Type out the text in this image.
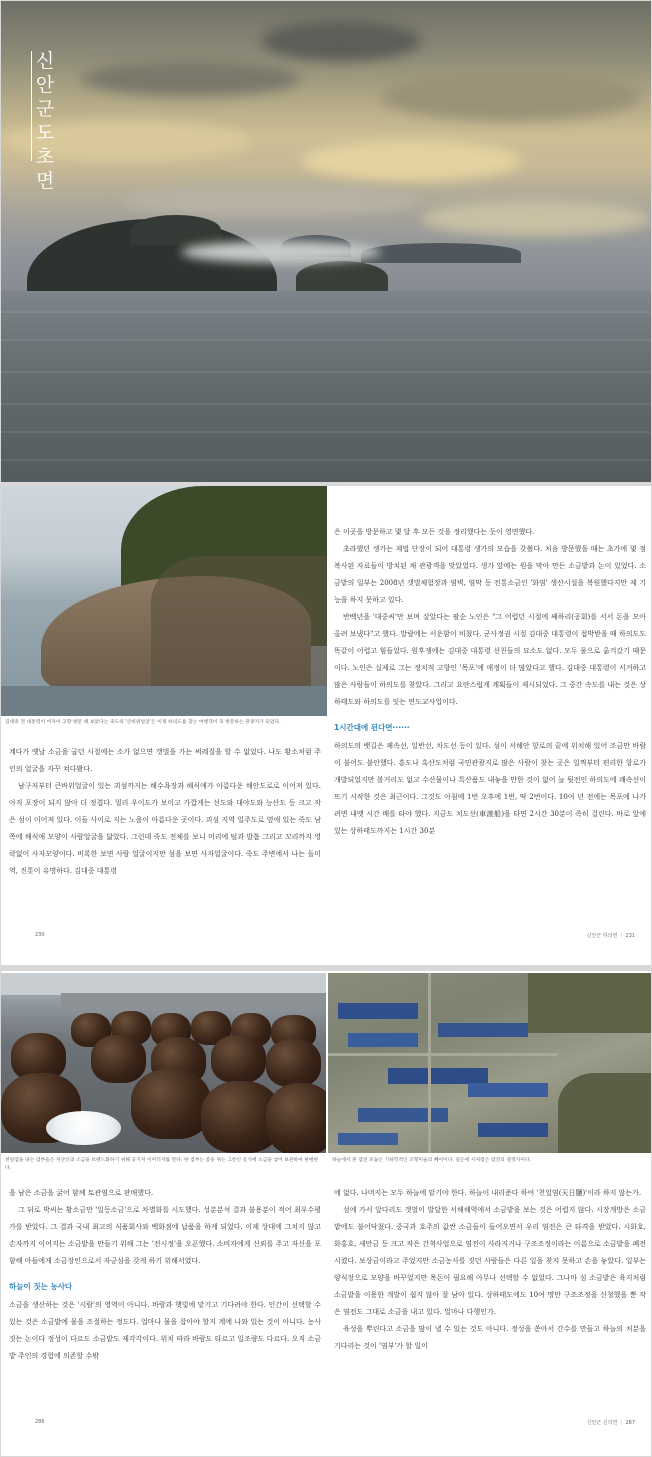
신안군 도초면
김대중 전 대통령이 어자이 고향 방문 때 보았다는 죽도의 '큰바위얼굴'은 이제 하의도를 찾는 여행객이 꼭 방문하는 관광지가 되었다.

계다가 옛날 소금을 굽던 시절에는 소가 없으면 갯벌을 가는 써레질을 할 수 없었다. 나도 황소처럼 주인의 얼굴을 자꾸 쳐다봤다.

남구저부터 큰바위얼굴이 있는 괴섬까지는 해수욕장과 해식애가 아름다운 해안도로로 이어져 있다. 아직 포장이 되지 않아 더 정겹다. 멀리 우이도가 보이고 가깝게는 선도와 대야도와 능산도 등 크고 작은 섬이 이어져 있다. 이들 사이로 지는 노을이 아름다운 곳이다. 괴섬 지역 일주도로 옆에 있는 죽도 남쪽에 해식애 모양이 사람얼굴을 닮았다. 그런데 죽도 전체를 보니 머리에 털과 발톱 그리고 꼬리까지 영락없이 사자모양이다. 비록한 보면 사람 얼굴이지만 섬을 보면 사자얼굴이다. 죽도 주변에서 나는 돌미역, 진톳이 유명하다. 김대중 대통령

은 이곳을 방문하고 몇 달 후 모든 것을 정리했다는 듯이 영면했다.

초라했던 생가는 제법 단장이 되어 대통령 생가의 모습을 갖췄다. 처음 방문했을 때는 초가에 몇 점 복사된 자료들이 방치된 채 관광객을 맞았었다. 생가 앞에는 원을 막아 만든 소금밭과 논이 있었다. 소금밭의 일부는 2008년 갯벌체험장과 염벽, 염막 등 전통소금인 '화염' 생산시설을 복원했다지만 제 기능을 하지 못하고 있다.

반백년을 '대중씨'만 보며 살았다는 팔순 노인은 "그 어렵던 시절에 쌔하리(공회)를 서서 돈을 모아 올려 보냈다"고 했다. 발랄에는 서운함이 비쳤다. 군사정권 시절 김대중 대통령이 접박받을 때 하의도도 똑같이 어렵고 힘들었다. 원후쟁에는 김대중 대통령 선친들의 묘소도 없다. 모두 물으로 옮겨갔기 때문이다. 노인은 실제로 그는 정치적 고향인 '목포'에 애정이 더 많았다고 했다. 김대중 대통령이 서거하고 많은 사람들이 하의도를 찾았다. 그리고 요란스럽게 계획들이 제시되었다. 그 중간 속도를 내는 것은 상하태도와 하의도를 잇는 연도교사업이다.

1시간대에 된다면······

하의도의 뱃길은 쾌속선, 일반선, 차도선 등이 있다. 섬이 서해안 항로의 끝에 위치해 있어 조금만 바람이 불어도 불안했다. 흥도나 흑산도처럼 국민관광지로 많은 사람이 찾는 곳은 일찍부터 편리한 항로가 개발되었지만 볼거리도 없고 수산물이나 특산품도 내놓을 만한 것이 없어 늘 뒷전인 하의도에 쾌속선이 뜨기 시작한 것은 최근이다. 그것도 아침에 1번 오후에 1번, 딱 2번이다. 10여 년 전에는 목포에 나가려면 내맷 시간 배를 타야 했다. 지금도 치도선(車渡船)을 타면 2시간 30분이 족히 걸린다. 바로 앞에 있는 상하태도까지는 1시간 30분

230	신안군 하의면 ｜ 231
천일염을 내는 염부들은 저산인의 소금을 브랜드화하기 위해 공기저 이미더지를 만다. 한 염부는 좀을 위는 그릇인 옹기에 소금을 넣어 보관하여 판매한다.
하늘에서 본 염전 모습은 기하학적인 조형미술의 빼어이다. 길은에 시처럼은 염전의 결정지이다.

을 남은 소금을 굵어 함께 토관염으로 판매했다.

그 뒤로 박씨는 황소금만 '일등소금'으로 차별화를 시도했다. 성분분석 결과 불용분이 적어 최우수평가를 받았다. 그 결과 국내 최고의 식품회사와 백화점에 납품을 하게 되었다. 이제 상대에 그치지 않고 손자까지 이어지는 소금밭을 만들기 위해 그는 '전시정'을 오픈했다. 소비자에게 신뢰를 주고 자신을 포함해 아들에게 소금장인으로서 자긍심을 갖게 하기 위해서였다.

하늘이 짓는 농사다

소금을 생산하는 것은 '시람'의 영역이 아니다. 바람과 햇빛에 맡기고 기다려야 한다. 인간이 선택할 수 있는 것은 소금밭에 물을 조절하는 정도다. 얼마나 물을 잡아야 할지 계에 나와 있는 것이 아니다. 농사짓는 논이다 정성이 다르도 소금밭도 제각각이다. 위치 따라 바람도 타르고 일조량도 다르다. 오직 소금밭 주인의 경험에 의존할 수밖

에 없다. 나머지는 모두 하늘에 맡기야 한다. 하늘이 내리준다 하여 '천일염(天日鹽)'이라 하지 않는가.

섬에 가서 알다리도 갯벌이 발달한 서해해역에서 소금밭을 보는 것은 어렵지 않다. 시장개방은 소금밭에도 불어닥쳤다. 중국과 호주의 값싼 소금들이 들어오면서 우리 염전은 큰 타격을 받았다. 시화호, 화홍호, 새만금 등 크고 작은 간척사업으로 염전이 사라지거나 구조조정이라는 이름으로 소금밭을 폐전시켰다. 보상금이라고 주었지만 소금농사를 짓던 사람들은 다른 일을 찾지 못하고 손을 놓았다. 일부는 양식장으로 모양을 바꾸었지만 목돈이 필요해 아무나 선택할 수 없었다. 그나마 섬 소금밭은 육지처럼 소금밭을 이용한 개발이 쉽지 않아 잘 남아 있다. 상하태도에도 10여 명만 구조조정을 신청했을 뿐 작은 염전도 그대로 소금을 내고 있다. 얼마나 다행인가.

육성을 뿌린다고 소금을 많이 낼 수 있는 것도 아니다. 정성을 쏟아서 간수를 만들고 하늘의 처분을 기다리는 것이 '염부'가 할 일이

286	신안군 신의면 ｜ 287
